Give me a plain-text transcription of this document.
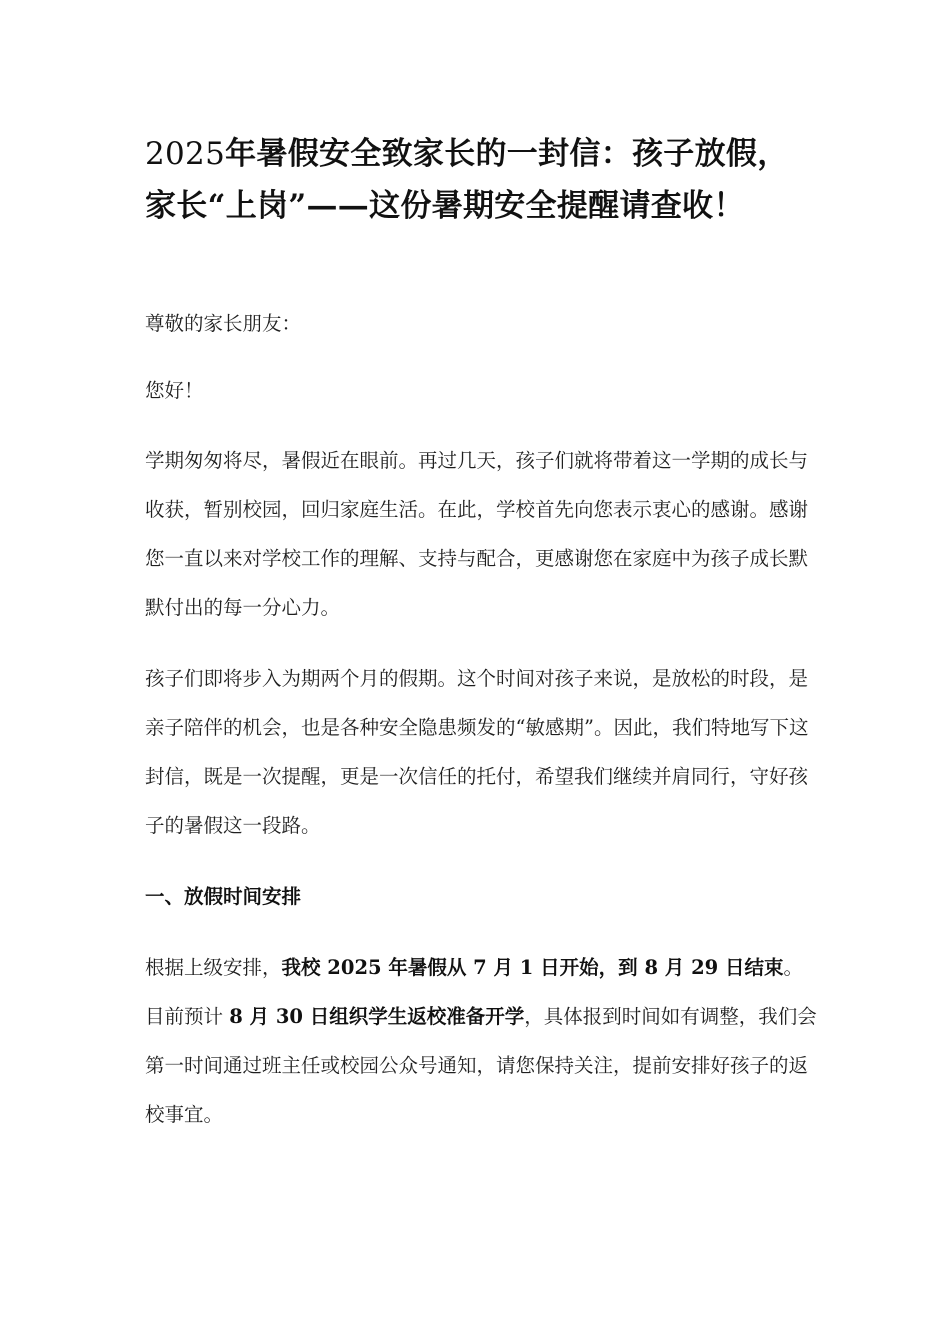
2025年暑假安全致家长的一封信：孩子放假，家长“上岗”——这份暑期安全提醒请查收！

尊敬的家长朋友：

您好！

学期匆匆将尽，暑假近在眼前。再过几天，孩子们就将带着这一学期的成长与收获，暂别校园，回归家庭生活。在此，学校首先向您表示衷心的感谢。感谢您一直以来对学校工作的理解、支持与配合，更感谢您在家庭中为孩子成长默默付出的每一分心力。

孩子们即将步入为期两个月的假期。这个时间对孩子来说，是放松的时段，是亲子陪伴的机会，也是各种安全隐患频发的“敏感期”。因此，我们特地写下这封信，既是一次提醒，更是一次信任的托付，希望我们继续并肩同行，守好孩子的暑假这一段路。

一、放假时间安排

根据上级安排，我校 2025 年暑假从 7 月 1 日开始，到 8 月 29 日结束。目前预计 8 月 30 日组织学生返校准备开学，具体报到时间如有调整，我们会第一时间通过班主任或校园公众号通知，请您保持关注，提前安排好孩子的返校事宜。
